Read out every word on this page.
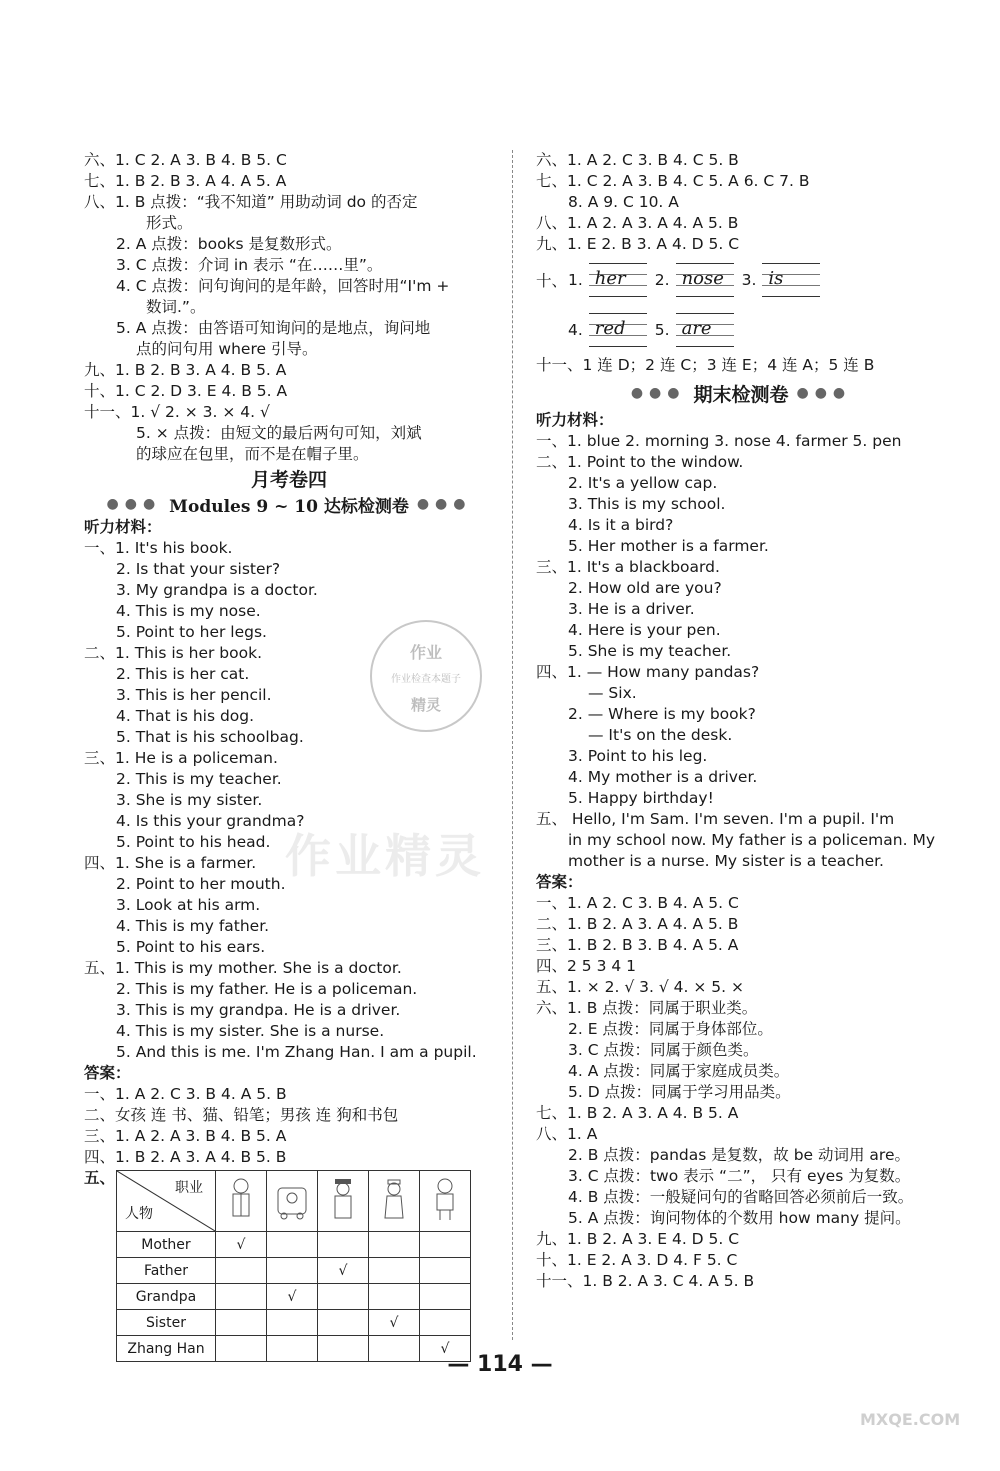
作业精灵
作业
作业检查本题子
精灵
六、1. C 2. A 3. B 4. B 5. C
七、1. B 2. B 3. A 4. A 5. A
八、1. B 点拨：“我不知道” 用助动词 do 的否定
形式。
2. A 点拨：books 是复数形式。
3. C 点拨：介词 in 表示 “在……里”。
4. C 点拨：问句询问的是年龄，回答时用“I'm +
数词.”。
5. A 点拨：由答语可知询问的是地点，询问地
点的问句用 where 引导。
九、1. B 2. B 3. A 4. B 5. A
十、1. C 2. D 3. E 4. B 5. A
十一、1. √ 2. × 3. × 4. √
5. × 点拨：由短文的最后两句可知，刘斌
的球应在包里，而不是在帽子里。
月考卷四
●●● Modules 9 ~ 10 达标检测卷 ●●●
听力材料：
一、1. It's his book.
2. Is that your sister?
3. My grandpa is a doctor.
4. This is my nose.
5. Point to her legs.
二、1. This is her book.
2. This is her cat.
3. This is her pencil.
4. That is his dog.
5. That is his schoolbag.
三、1. He is a policeman.
2. This is my teacher.
3. She is my sister.
4. Is this your grandma?
5. Point to his head.
四、1. She is a farmer.
2. Point to her mouth.
3. Look at his arm.
4. This is my father.
5. Point to his ears.
五、1. This is my mother. She is a doctor.
2. This is my father. He is a policeman.
3. This is my grandpa. He is a driver.
4. This is my sister. She is a nurse.
5. And this is me. I'm Zhang Han. I am a pupil.
答案：
一、1. A 2. C 3. B 4. A 5. B
二、女孩 连 书、猫、铅笔；男孩 连 狗和书包
三、1. A 2. A 3. B 4. B 5. A
四、1. B 2. A 3. A 4. B 5. B
五、
职业
人物

Mother	√				
Father			√		
Grandpa		√			
Sister				√	
Zhang Han					√
六、1. A 2. C 3. B 4. C 5. B
七、1. C 2. A 3. B 4. C 5. A 6. C 7. B
8. A 9. C 10. A
八、1. A 2. A 3. A 4. A 5. B
九、1. E 2. B 3. A 4. D 5. C
十、 1. her 2. nose 3. is
4. red 5. are
十一、1 连 D；2 连 C；3 连 E；4 连 A；5 连 B
●●● 期末检测卷 ●●●
听力材料：
一、1. blue 2. morning 3. nose 4. farmer 5. pen
二、1. Point to the window.
2. It's a yellow cap.
3. This is my school.
4. Is it a bird?
5. Her mother is a farmer.
三、1. It's a blackboard.
2. How old are you?
3. He is a driver.
4. Here is your pen.
5. She is my teacher.
四、1. — How many pandas?
— Six.
2. — Where is my book?
— It's on the desk.
3. Point to his leg.
4. My mother is a driver.
5. Happy birthday!
五、 Hello, I'm Sam. I'm seven. I'm a pupil. I'm
in my school now. My father is a policeman. My
mother is a nurse. My sister is a teacher.
答案：
一、1. A 2. C 3. B 4. A 5. C
二、1. B 2. A 3. A 4. A 5. B
三、1. B 2. B 3. B 4. A 5. A
四、2 5 3 4 1
五、1. × 2. √ 3. √ 4. × 5. ×
六、1. B 点拨：同属于职业类。
2. E 点拨：同属于身体部位。
3. C 点拨：同属于颜色类。
4. A 点拨：同属于家庭成员类。
5. D 点拨：同属于学习用品类。
七、1. B 2. A 3. A 4. B 5. A
八、1. A
2. B 点拨：pandas 是复数，故 be 动词用 are。
3. C 点拨：two 表示 “二”， 只有 eyes 为复数。
4. B 点拨：一般疑问句的省略回答必须前后一致。
5. A 点拨：询问物体的个数用 how many 提问。
九、1. B 2. A 3. E 4. D 5. C
十、1. E 2. A 3. D 4. F 5. C
十一、1. B 2. A 3. C 4. A 5. B
— 114 —
MXQE.COM
